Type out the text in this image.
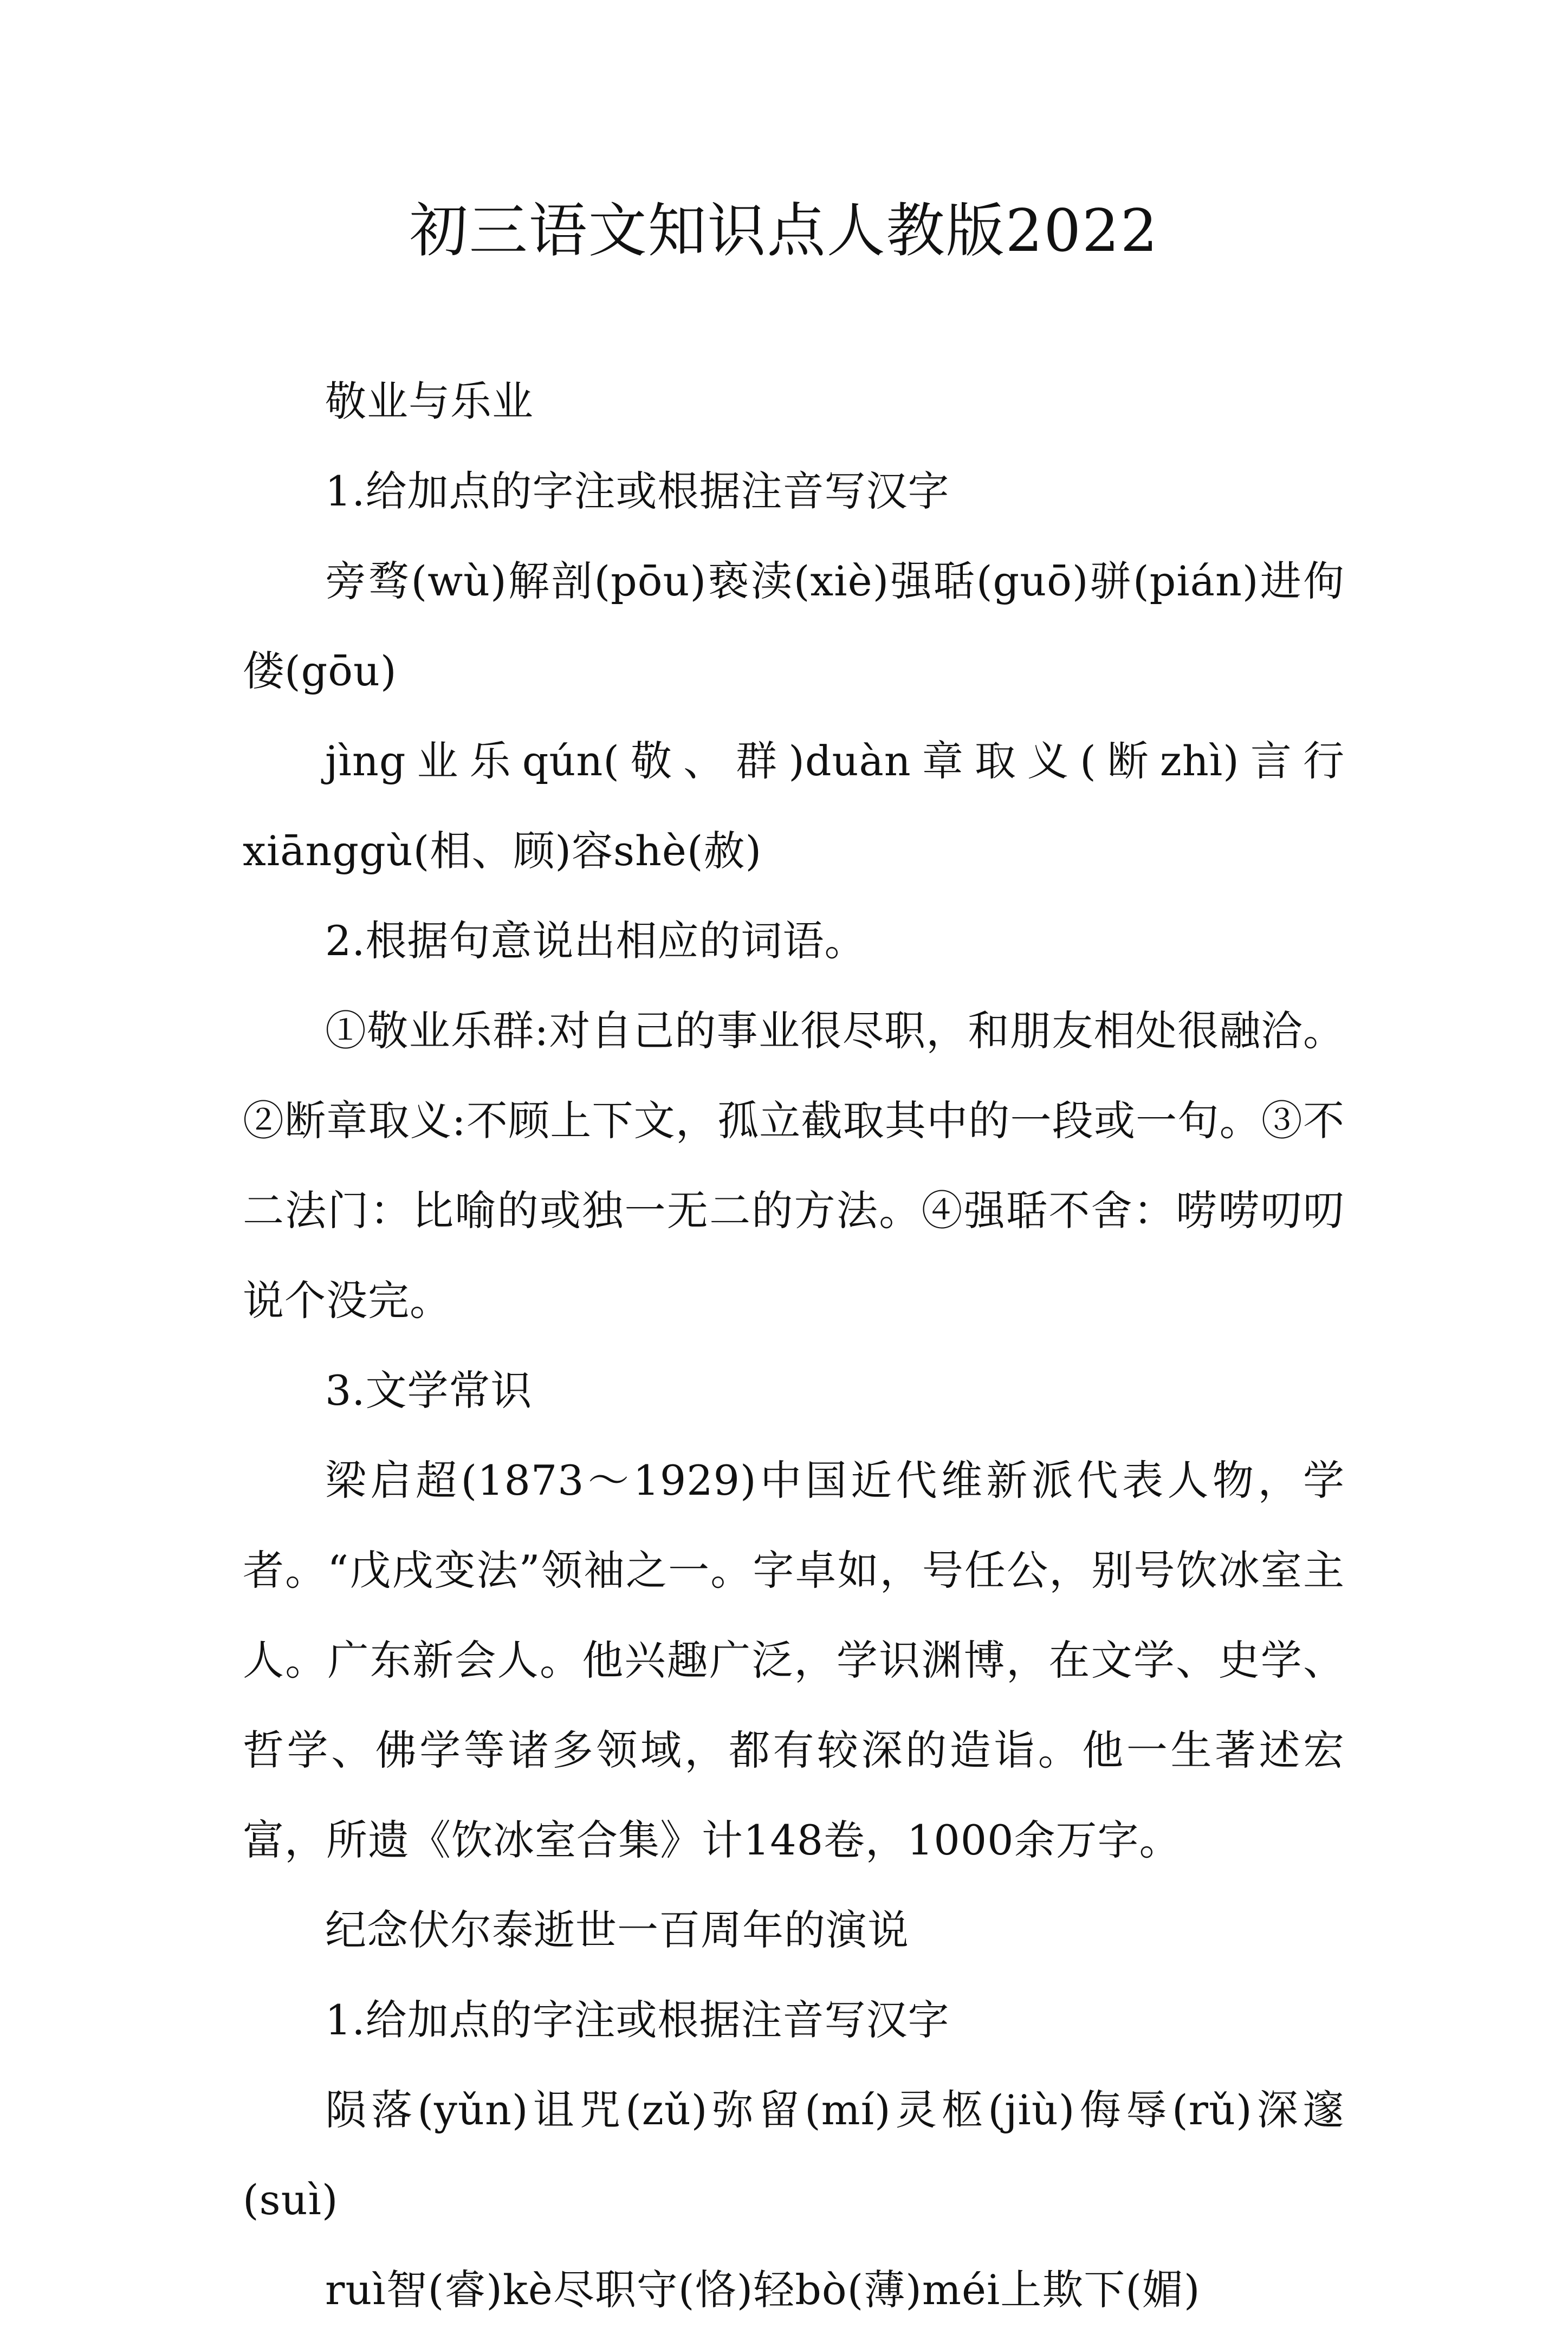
初三语文知识点人教版2022

敬业与乐业

1.给加点的字注或根据注音写汉字

旁骛(wù)解剖(pōu)亵渎(xiè)强聒(guō)骈(pián)进佝偻(gōu)

jìng业乐qún(敬、群)duàn章取义(断zhì)言行xiānggù(相、顾)容shè(赦)

2.根据句意说出相应的词语。

①敬业乐群:对自己的事业很尽职，和朋友相处很融洽。②断章取义:不顾上下文，孤立截取其中的一段或一句。③不二法门：比喻的或独一无二的方法。④强聒不舍：唠唠叨叨说个没完。

3.文学常识

梁启超(1873～1929)中国近代维新派代表人物，学者。“戊戌变法”领袖之一。字卓如，号任公，别号饮冰室主人。广东新会人。他兴趣广泛，学识渊博，在文学、史学、哲学、佛学等诸多领域，都有较深的造诣。他一生著述宏富，所遗《饮冰室合集》计148卷，1000余万字。

纪念伏尔泰逝世一百周年的演说

1.给加点的字注或根据注音写汉字

陨落(yǔn)诅咒(zǔ)弥留(mí)灵柩(jiù)侮辱(rǔ)深邃(suì)

ruì智(睿)kè尽职守(恪)轻bò(薄)méi上欺下(媚)
